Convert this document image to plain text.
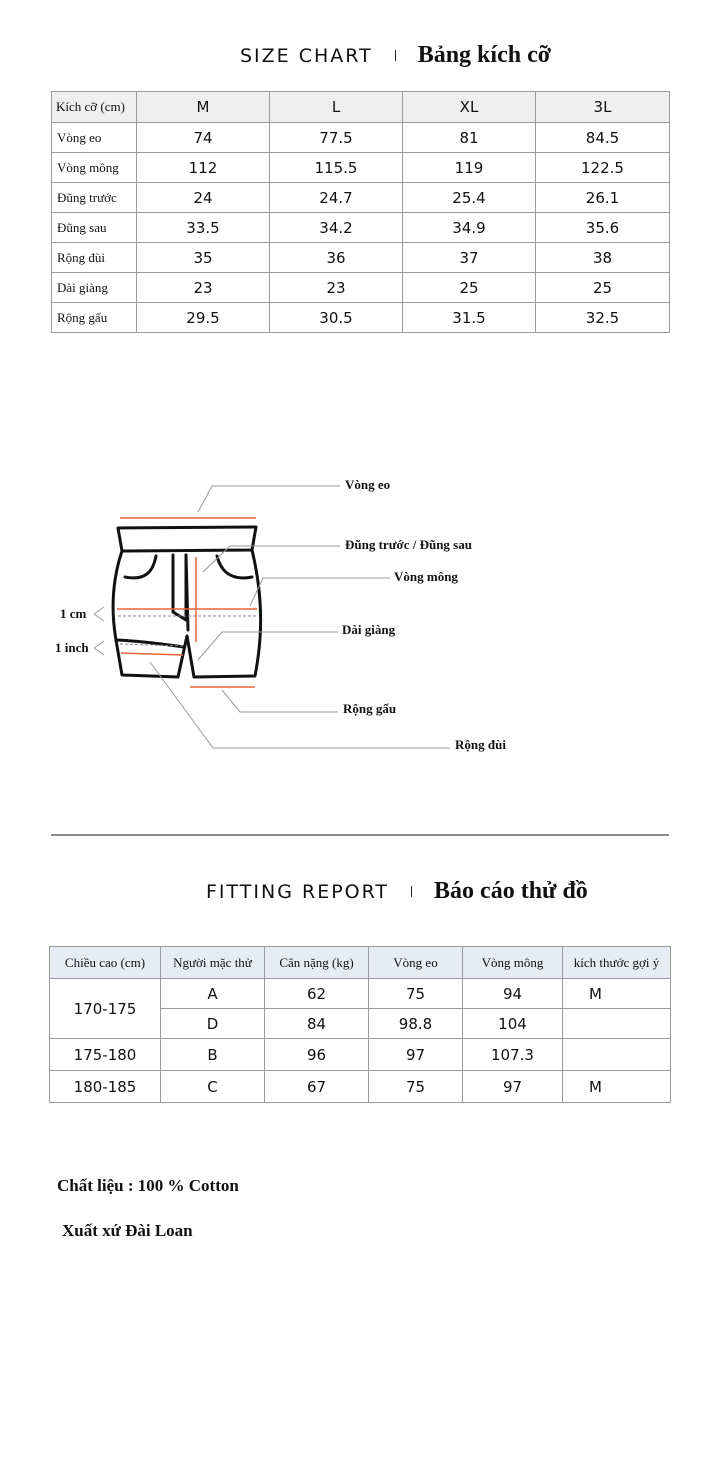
SIZE CHART Bảng kích cỡ
Kích cỡ (cm)	M	L	XL	3L
Vòng eo	74	77.5	81	84.5
Vòng mông	112	115.5	119	122.5
Đũng trước	24	24.7	25.4	26.1
Đũng sau	33.5	34.2	34.9	35.6
Rộng đùi	35	36	37	38
Dài giàng	23	23	25	25
Rộng gấu	29.5	30.5	31.5	32.5
Vòng eo
Đũng trước / Đũng sau
Vòng mông
1 cm
1 inch
Dài giàng
Rộng gấu
Rộng đùi
FITTING REPORT Báo cáo thử đồ
Chiều cao (cm)	Người mặc thử	Cân nặng (kg)	Vòng eo	Vòng mông	kích thước gợi ý
170-175	A	62	75	94	M
	D	84	98.8	104	
175-180	B	96	97	107.3	
180-185	C	67	75	97	M
Chất liệu : 100 % Cotton
Xuất xứ Đài Loan
